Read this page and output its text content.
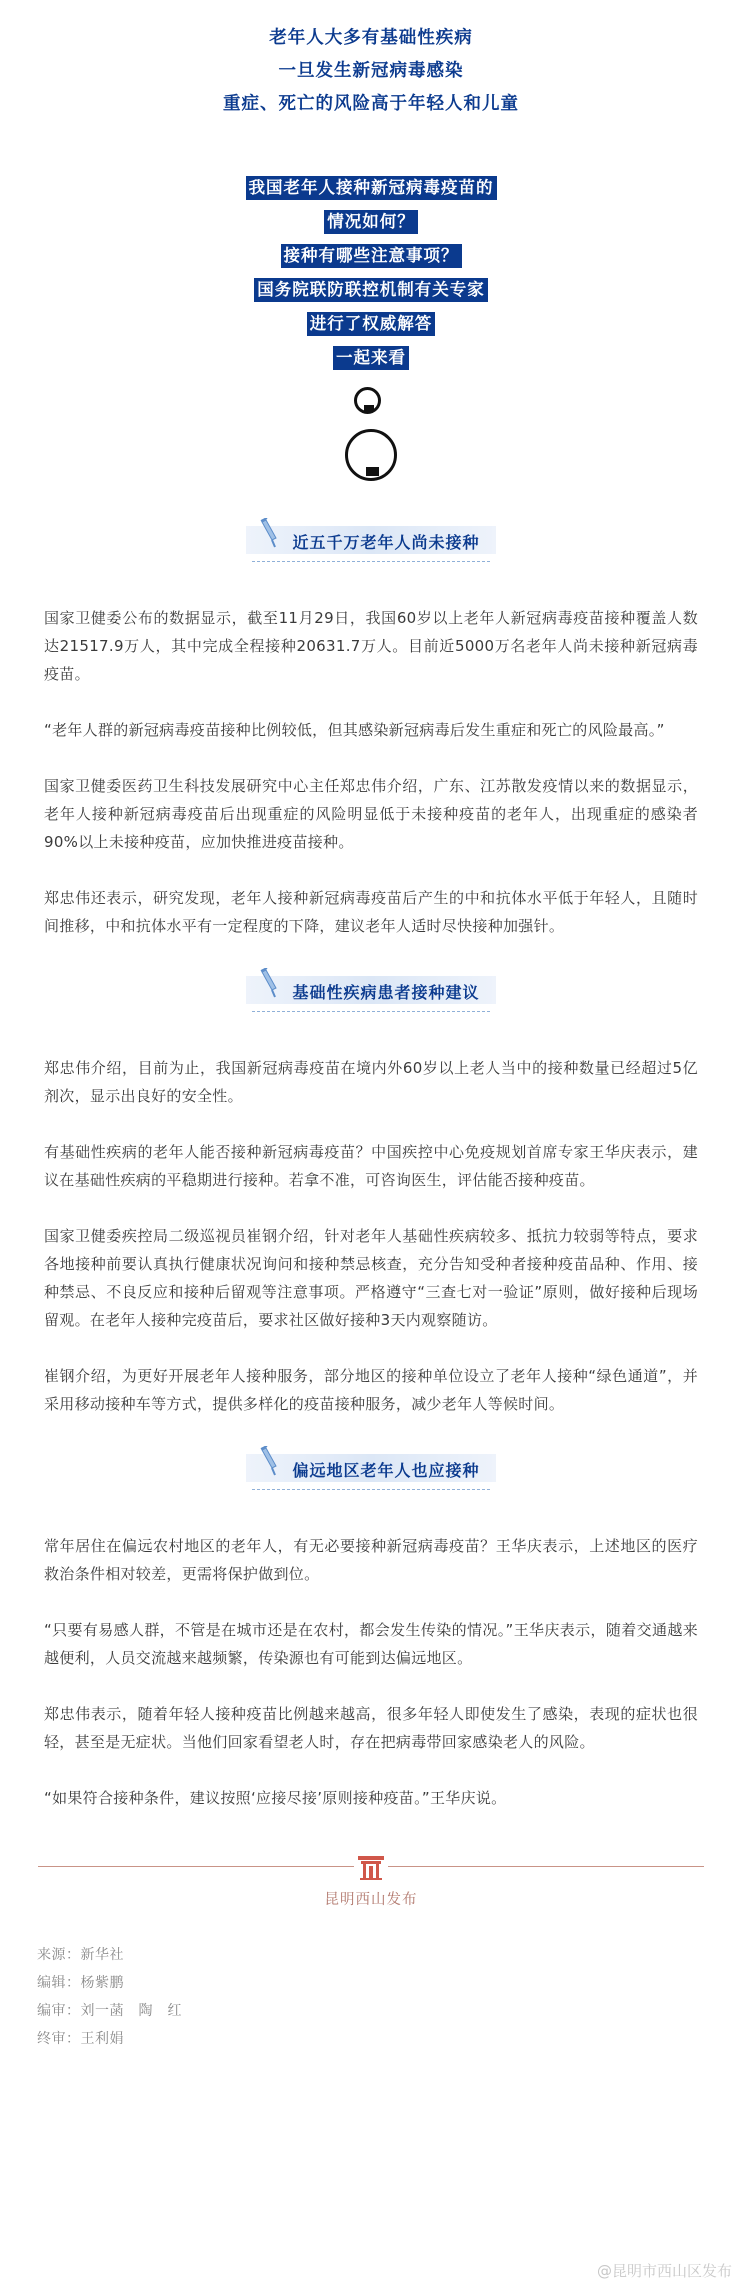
老年人大多有基础性疾病
一旦发生新冠病毒感染
重症、死亡的风险高于年轻人和儿童
我国老年人接种新冠病毒疫苗的
情况如何？
接种有哪些注意事项？
国务院联防联控机制有关专家
进行了权威解答
一起来看
近五千万老年人尚未接种

国家卫健委公布的数据显示，截至11月29日，我国60岁以上老年人新冠病毒疫苗接种覆盖人数达21517.9万人，其中完成全程接种20631.7万人。目前近5000万名老年人尚未接种新冠病毒疫苗。

“老年人群的新冠病毒疫苗接种比例较低，但其感染新冠病毒后发生重症和死亡的风险最高。”

国家卫健委医药卫生科技发展研究中心主任郑忠伟介绍，广东、江苏散发疫情以来的数据显示，老年人接种新冠病毒疫苗后出现重症的风险明显低于未接种疫苗的老年人，出现重症的感染者90%以上未接种疫苗，应加快推进疫苗接种。

郑忠伟还表示，研究发现，老年人接种新冠病毒疫苗后产生的中和抗体水平低于年轻人，且随时间推移，中和抗体水平有一定程度的下降，建议老年人适时尽快接种加强针。

基础性疾病患者接种建议

郑忠伟介绍，目前为止，我国新冠病毒疫苗在境内外60岁以上老人当中的接种数量已经超过5亿剂次，显示出良好的安全性。

有基础性疾病的老年人能否接种新冠病毒疫苗？中国疾控中心免疫规划首席专家王华庆表示，建议在基础性疾病的平稳期进行接种。若拿不准，可咨询医生，评估能否接种疫苗。

国家卫健委疾控局二级巡视员崔钢介绍，针对老年人基础性疾病较多、抵抗力较弱等特点，要求各地接种前要认真执行健康状况询问和接种禁忌核查，充分告知受种者接种疫苗品种、作用、接种禁忌、不良反应和接种后留观等注意事项。严格遵守“三查七对一验证”原则，做好接种后现场留观。在老年人接种完疫苗后，要求社区做好接种3天内观察随访。

崔钢介绍，为更好开展老年人接种服务，部分地区的接种单位设立了老年人接种“绿色通道”，并采用移动接种车等方式，提供多样化的疫苗接种服务，减少老年人等候时间。

偏远地区老年人也应接种

常年居住在偏远农村地区的老年人，有无必要接种新冠病毒疫苗？王华庆表示，上述地区的医疗救治条件相对较差，更需将保护做到位。

“只要有易感人群，不管是在城市还是在农村，都会发生传染的情况。”王华庆表示，随着交通越来越便利，人员交流越来越频繁，传染源也有可能到达偏远地区。

郑忠伟表示，随着年轻人接种疫苗比例越来越高，很多年轻人即使发生了感染，表现的症状也很轻，甚至是无症状。当他们回家看望老人时，存在把病毒带回家感染老人的风险。

“如果符合接种条件，建议按照‘应接尽接’原则接种疫苗。”王华庆说。

昆明西山发布
来源：新华社
编辑：杨紫鹏
编审：刘一菡　陶　红
终审：王利娟
@昆明市西山区发布
